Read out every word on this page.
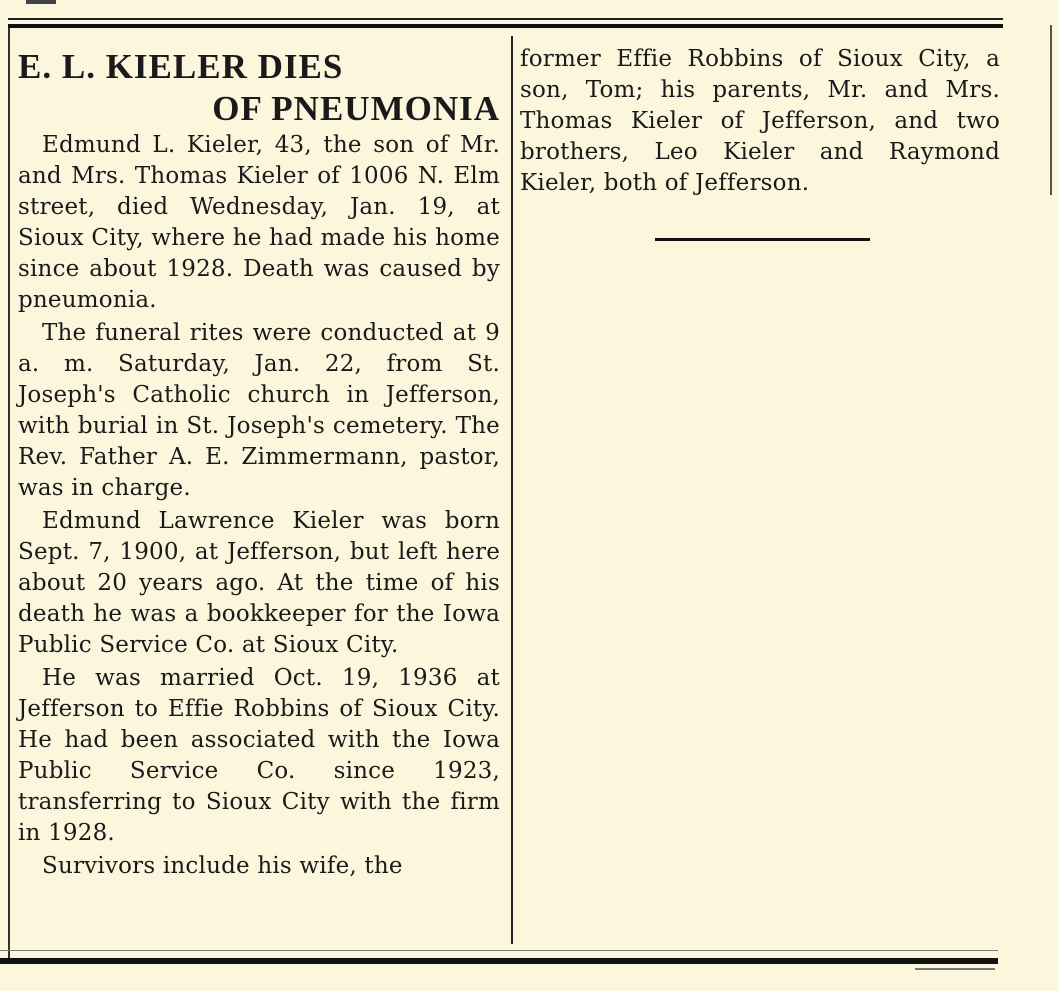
E. L. KIELER DIES
OF PNEUMONIA

Edmund L. Kieler, 43, the son of Mr. and Mrs. Thomas Kieler of 1006 N. Elm street, died Wednesday, Jan. 19, at Sioux City, where he had made his home since about 1928. Death was caused by pneumonia.

The funeral rites were conducted at 9 a. m. Saturday, Jan. 22, from St. Joseph's Catholic church in Jefferson, with burial in St. Joseph's cemetery. The Rev. Father A. E. Zimmermann, pastor, was in charge.

Edmund Lawrence Kieler was born Sept. 7, 1900, at Jefferson, but left here about 20 years ago. At the time of his death he was a bookkeeper for the Iowa Public Service Co. at Sioux City.

He was married Oct. 19, 1936 at Jefferson to Effie Robbins of Sioux City. He had been associated with the Iowa Public Service Co. since 1923, transferring to Sioux City with the firm in 1928.

Survivors include his wife, the

former Effie Robbins of Sioux City, a son, Tom; his parents, Mr. and Mrs. Thomas Kieler of Jefferson, and two brothers, Leo Kieler and Raymond Kieler, both of Jefferson.
